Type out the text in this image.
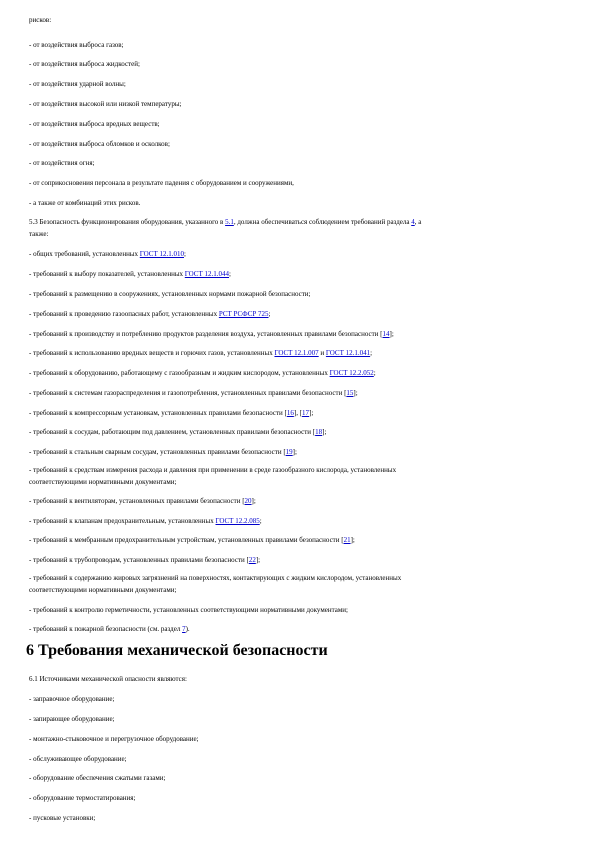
рисков:
- от воздействия выброса газов;
- от воздействия выброса жидкостей;
- от воздействия ударной волны;
- от воздействия высокой или низкой температуры;
- от воздействия выброса вредных веществ;
- от воздействия выброса обломков и осколков;
- от воздействия огня;
- от соприкосновения персонала в результате падения с оборудованием и сооружениями,
- а также от комбинаций этих рисков.
5.3 Безопасность функционирования оборудования, указанного в 5.1, должна обеспечиваться соблюдением требований раздела 4, а
также:
- общих требований, установленных ГОСТ 12.1.010;
- требований к выбору показателей, установленных ГОСТ 12.1.044;
- требований к размещению в сооружениях, установленных нормами пожарной безопасности;
- требований к проведению газоопасных работ, установленных РСТ РСФСР 725;
- требований к производству и потреблению продуктов разделения воздуха, установленных правилами безопасности [14];
- требований к использованию вредных веществ и горючих газов, установленных ГОСТ 12.1.007 и ГОСТ 12.1.041;
- требований к оборудованию, работающему с газообразным и жидким кислородом, установленных ГОСТ 12.2.052;
- требований к системам газораспределения и газопотребления, установленных правилами безопасности [15];
- требований к компрессорным установкам, установленных правилами безопасности [16], [17];
- требований к сосудам, работающим под давлением, установленных правилами безопасности [18];
- требований к стальным сварным сосудам, установленных правилами безопасности [19];
- требований к средствам измерения расхода и давления при применении в среде газообразного кислорода, установленных
соответствующими нормативными документами;
- требований к вентиляторам, установленных правилами безопасности [20];
- требований к клапанам предохранительным, установленных ГОСТ 12.2.085;
- требований к мембранным предохранительным устройствам, установленных правилами безопасности [21];
- требований к трубопроводам, установленных правилами безопасности [22];
- требований к содержанию жировых загрязнений на поверхностях, контактирующих с жидким кислородом, установленных
соответствующими нормативными документами;
- требований к контролю герметичности, установленных соответствующими нормативными документами;
- требований к пожарной безопасности (см. раздел 7).
6 Требования механической безопасности
6.1 Источниками механической опасности являются:
- заправочное оборудование;
- запирающее оборудование;
- монтажно-стыковочное и перегрузочное оборудование;
- обслуживающее оборудование;
- оборудование обеспечения сжатыми газами;
- оборудование термостатирования;
- пусковые установки;
